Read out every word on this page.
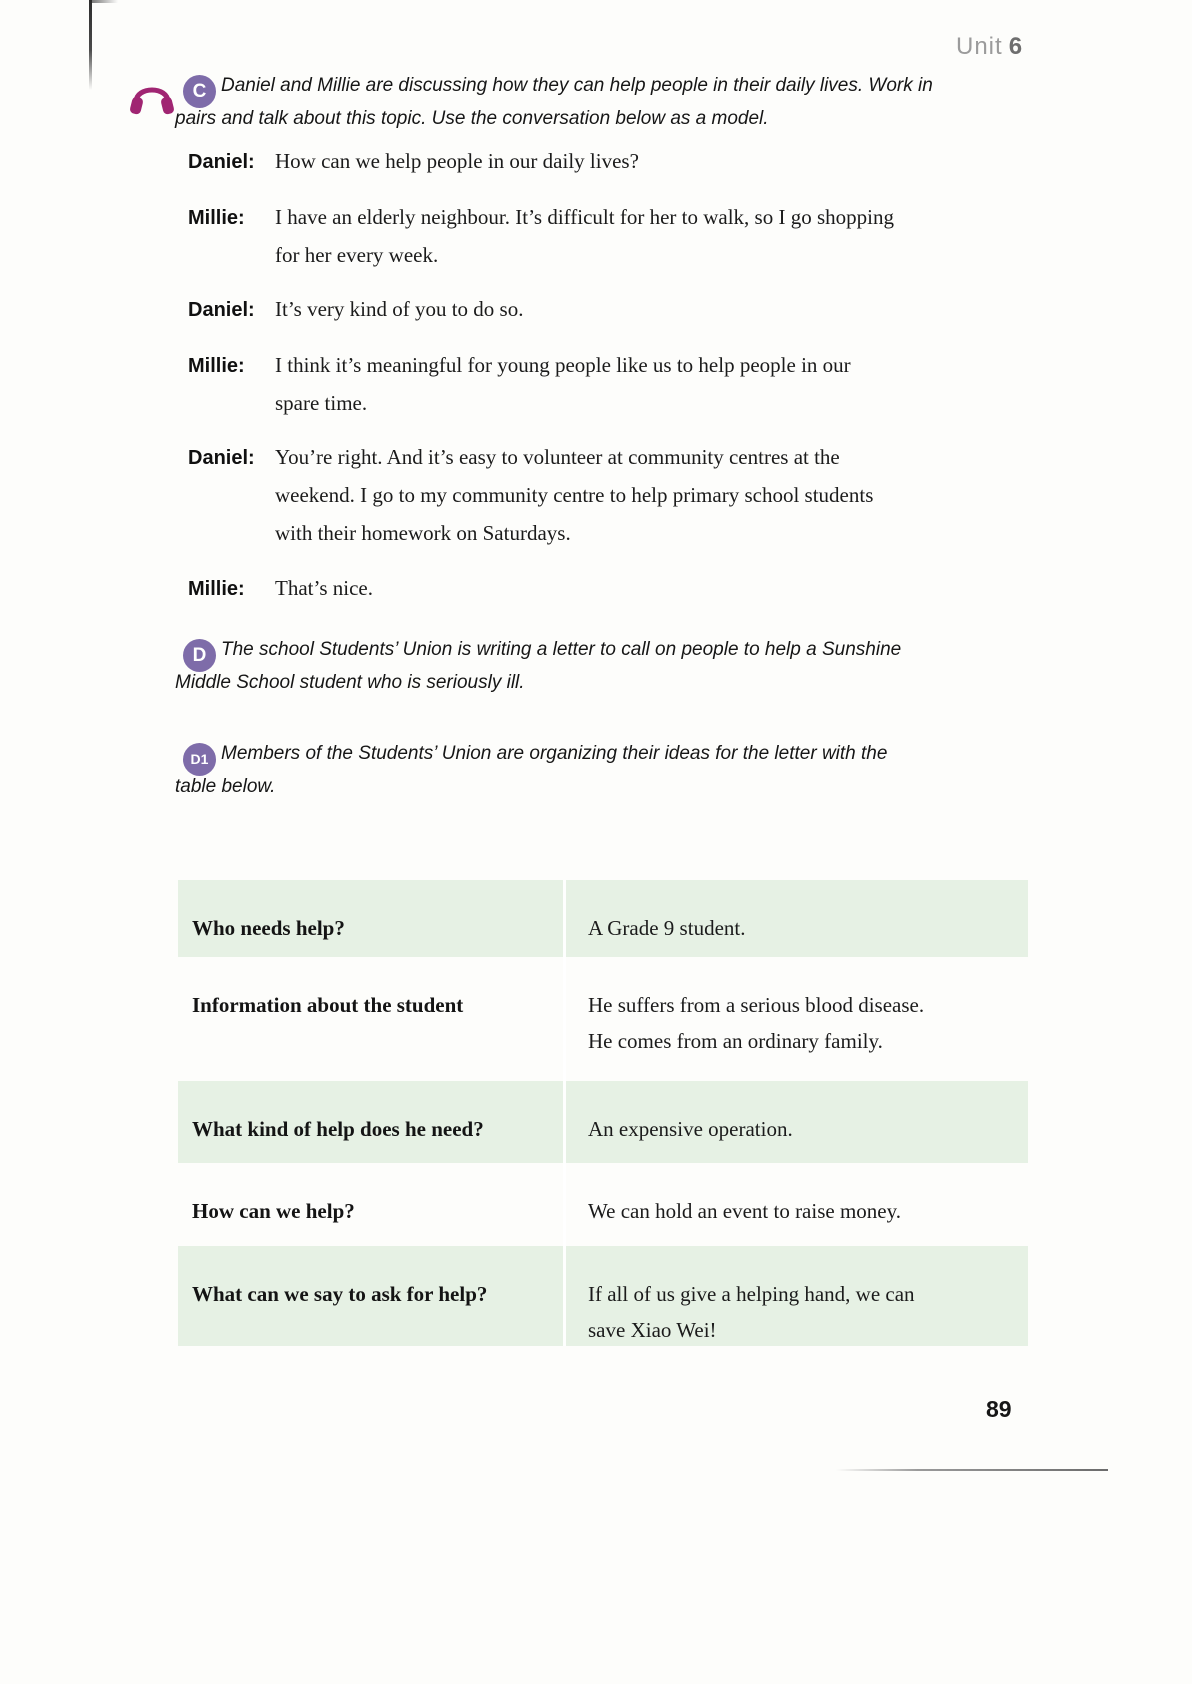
Unit 6
C Daniel and Millie are discussing how they can help people in their daily lives. Work in
pairs and talk about this topic. Use the conversation below as a model.
Daniel: How can we help people in our daily lives?
Millie:	I have an elderly neighbour. It’s difficult for her to walk, so I go shopping
for her every week.
Daniel: It’s very kind of you to do so.
Millie:	I think it’s meaningful for young people like us to help people in our
spare time.
Daniel: You’re right. And it’s easy to volunteer at community centres at the
weekend. I go to my community centre to help primary school students
with their homework on Saturdays.
Millie:	That’s nice.
D The school Students’ Union is writing a letter to call on people to help a Sunshine
Middle School student who is seriously ill.
D1 Members of the Students’ Union are organizing their ideas for the letter with the
table below.
Who needs help?	A Grade 9 student.
Information about the student	He suffers from a serious blood disease.
He comes from an ordinary family.
What kind of help does he need?	An expensive operation.
How can we help?	We can hold an event to raise money.
What can we say to ask for help?	If all of us give a helping hand, we can
save Xiao Wei!
89
